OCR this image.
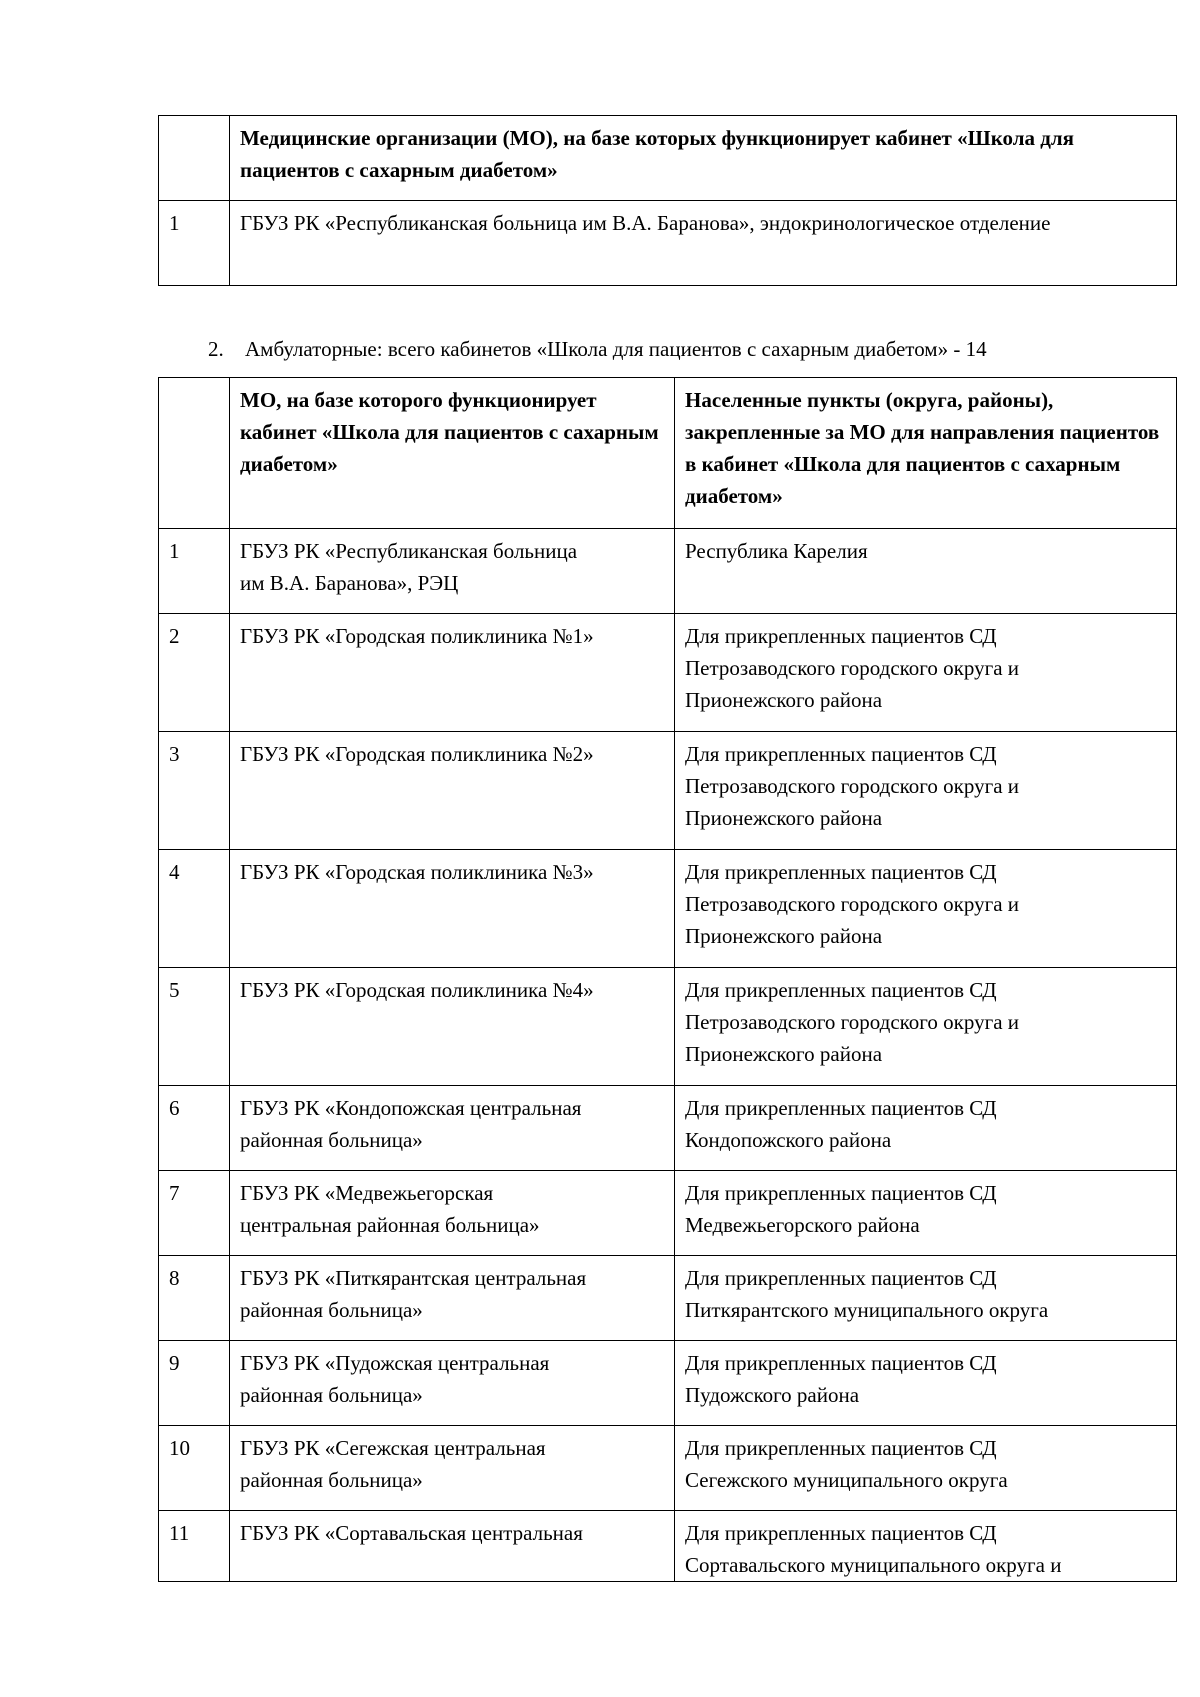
	Медицинские организации (МО), на базе которых функционирует кабинет «Школа для пациентов с сахарным диабетом»
1	ГБУЗ РК «Республиканская больница им В.А. Баранова», эндокринологическое отделение
2. Амбулаторные: всего кабинетов «Школа для пациентов с сахарным диабетом» - 14
	МО, на базе которого функционирует кабинет «Школа для пациентов с сахарным диабетом»	Населенные пункты (округа, районы), закрепленные за МО для направления пациентов в кабинет «Школа для пациентов с сахарным диабетом»
1	ГБУЗ РК «Республиканская больница
им В.А. Баранова», РЭЦ	Республика Карелия
2	ГБУЗ РК «Городская поликлиника №1»	Для прикрепленных пациентов СД
Петрозаводского городского округа и
Прионежского района
3	ГБУЗ РК «Городская поликлиника №2»	Для прикрепленных пациентов СД
Петрозаводского городского округа и
Прионежского района
4	ГБУЗ РК «Городская поликлиника №3»	Для прикрепленных пациентов СД
Петрозаводского городского округа и
Прионежского района
5	ГБУЗ РК «Городская поликлиника №4»	Для прикрепленных пациентов СД
Петрозаводского городского округа и
Прионежского района
6	ГБУЗ РК «Кондопожская центральная
районная больница»	Для прикрепленных пациентов СД
Кондопожского района
7	ГБУЗ РК «Медвежьегорская
центральная районная больница»	Для прикрепленных пациентов СД
Медвежьегорского района
8	ГБУЗ РК «Питкярантская центральная
районная больница»	Для прикрепленных пациентов СД
Питкярантского муниципального округа
9	ГБУЗ РК «Пудожская центральная
районная больница»	Для прикрепленных пациентов СД
Пудожского района
10	ГБУЗ РК «Сегежская центральная
районная больница»	Для прикрепленных пациентов СД
Сегежского муниципального округа
11	ГБУЗ РК «Сортавальская центральная	Для прикрепленных пациентов СД
Сортавальского муниципального округа и
